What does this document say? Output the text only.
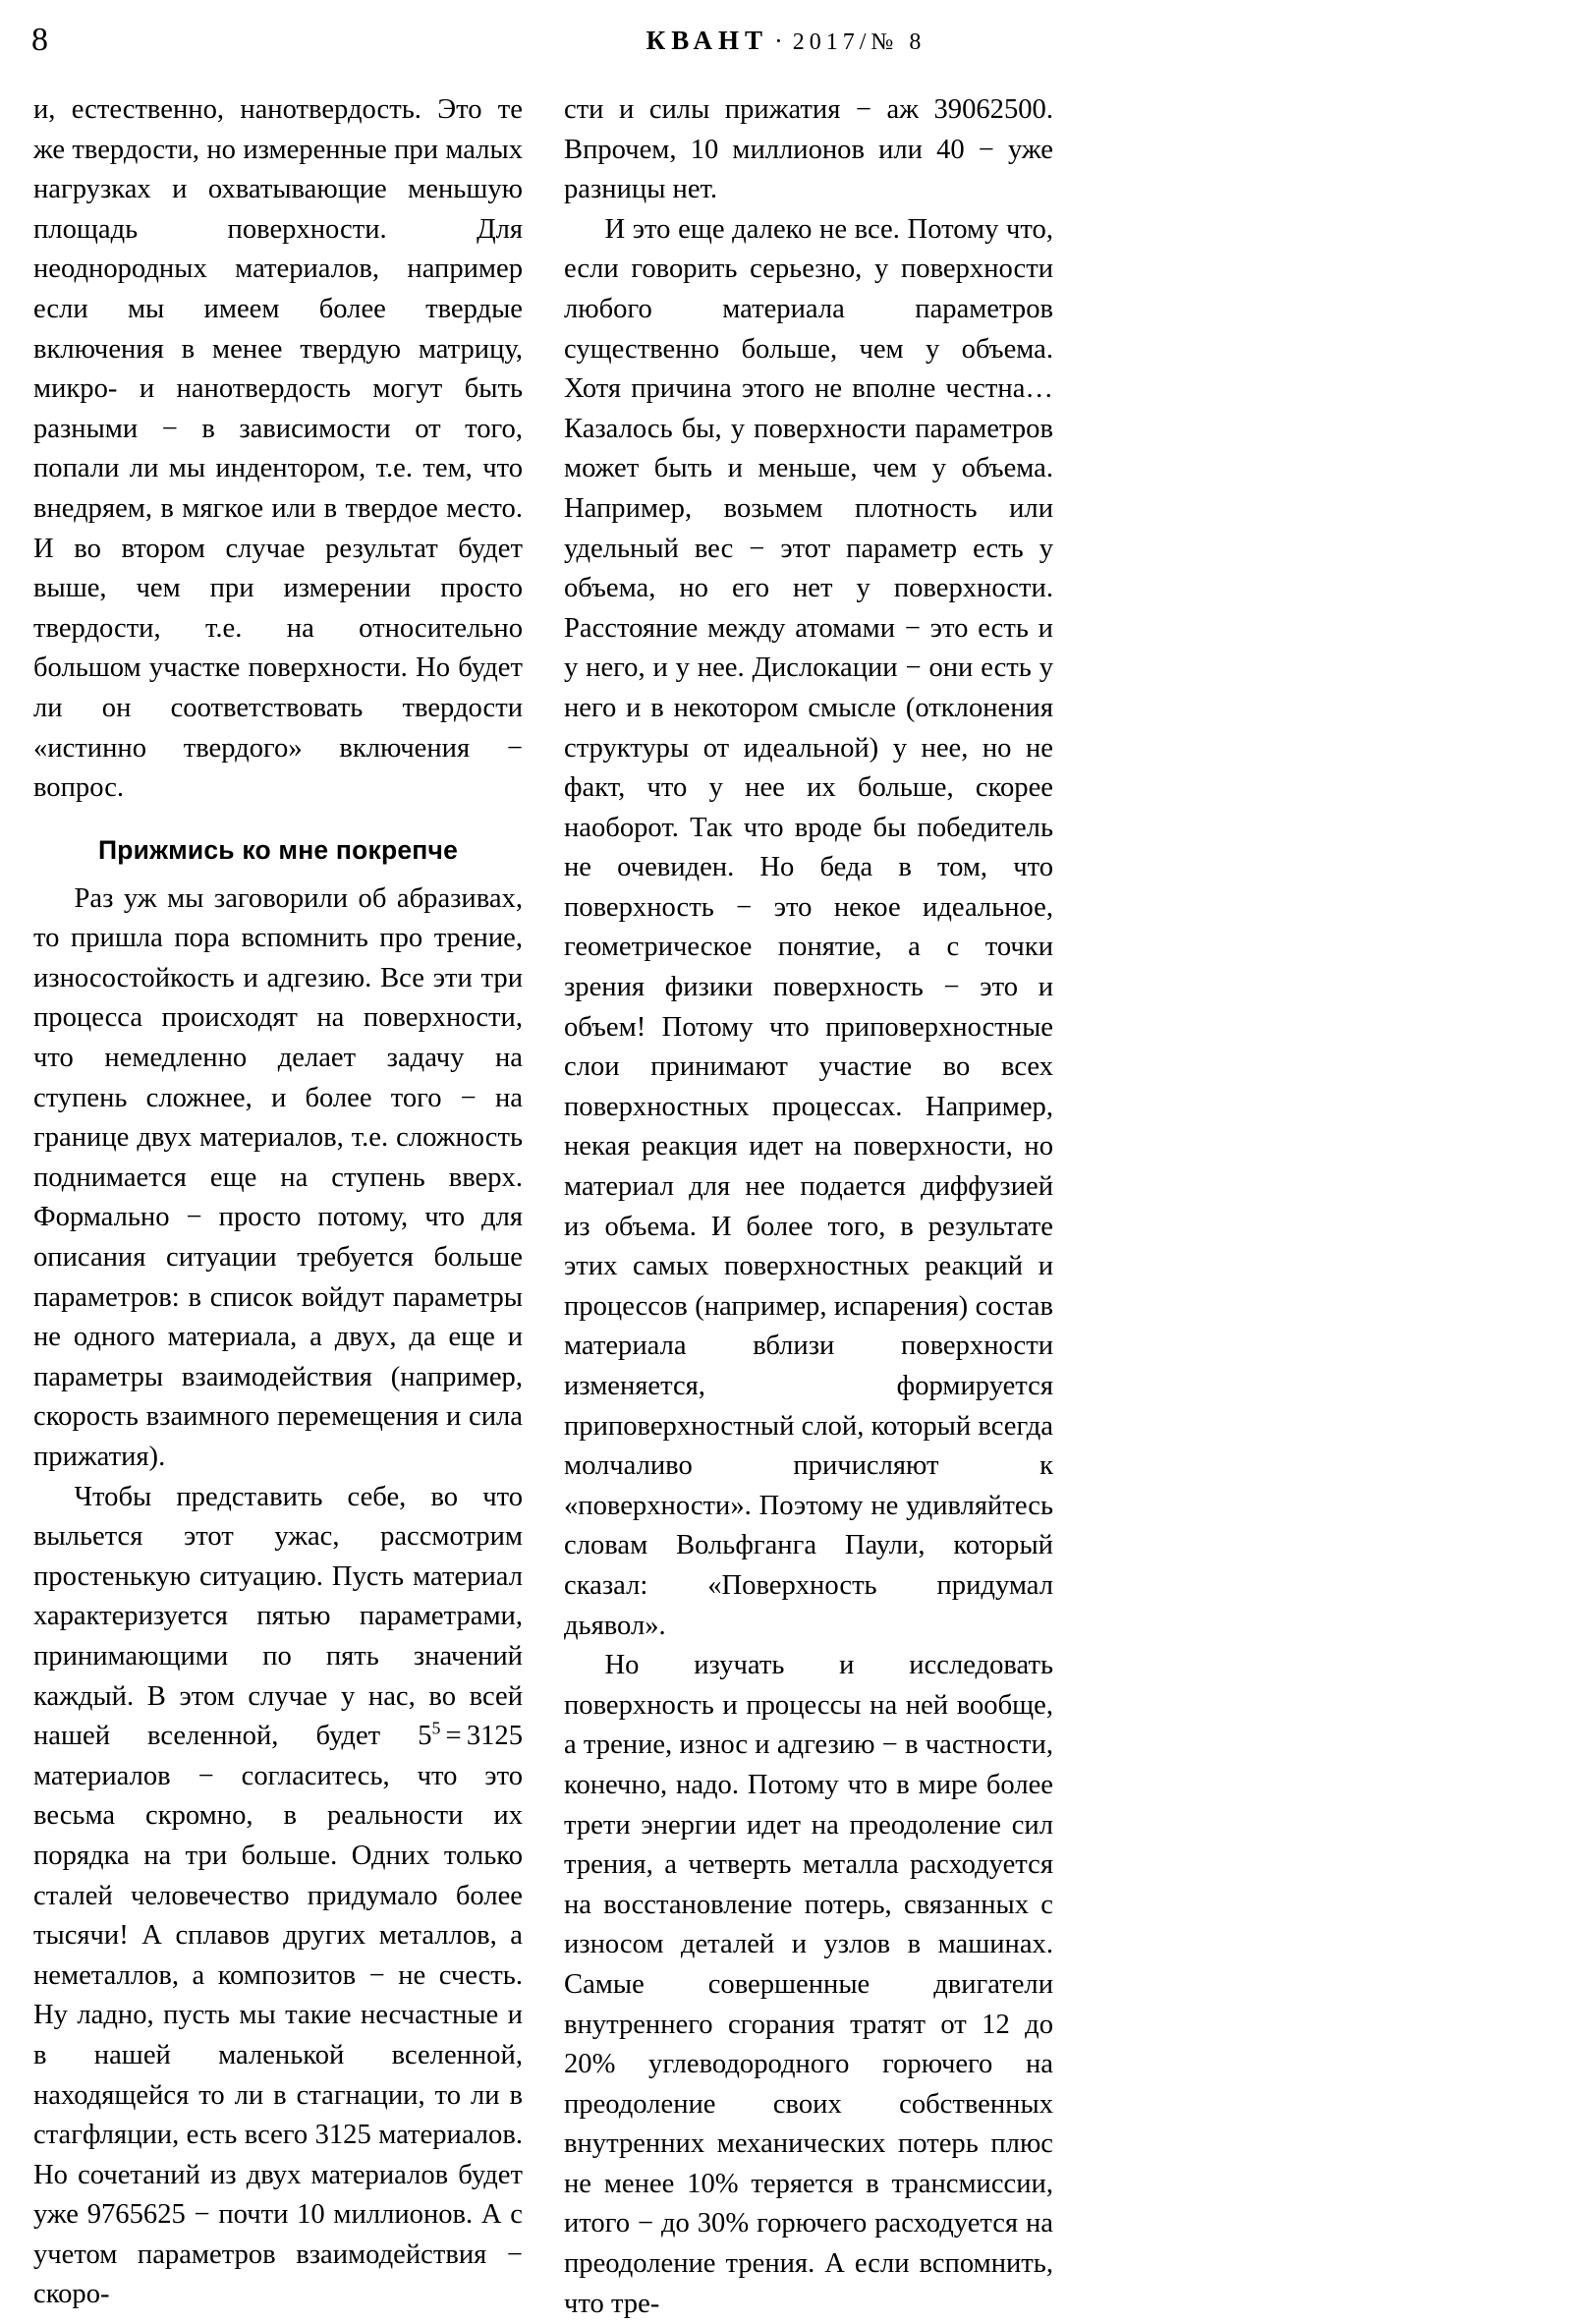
8	КВАНТ · 2017/№ 8

и, естественно, нанотвердость. Это те же твердости, но измеренные при малых нагрузках и охватывающие меньшую площадь поверхности. Для неоднородных материалов, например если мы имеем более твердые включения в менее твердую матрицу, микро- и нанотвердость могут быть разными − в зависимости от того, попали ли мы индентором, т.е. тем, что внедряем, в мягкое или в твердое место. И во втором случае результат будет выше, чем при измерении просто твердости, т.е. на относительно большом участке поверхности. Но будет ли он соответствовать твердости «истинно твердого» включения − вопрос.

Прижмись ко мне покрепче

Раз уж мы заговорили об абразивах, то пришла пора вспомнить про трение, износостойкость и адгезию. Все эти три процесса происходят на поверхности, что немедленно делает задачу на ступень сложнее, и более того − на границе двух материалов, т.е. сложность поднимается еще на ступень вверх. Формально − просто потому, что для описания ситуации требуется больше параметров: в список войдут параметры не одного материала, а двух, да еще и параметры взаимодействия (например, скорость взаимного перемещения и сила прижатия).

Чтобы представить себе, во что выльется этот ужас, рассмотрим простенькую ситуацию. Пусть материал характеризуется пятью параметрами, принимающими по пять значений каждый. В этом случае у нас, во всей нашей вселенной, будет $5^5 = 3125$ материалов − согласитесь, что это весьма скромно, в реальности их порядка на три больше. Одних только сталей человечество придумало более тысячи! А сплавов других металлов, а неметаллов, а композитов − не счесть. Ну ладно, пусть мы такие несчастные и в нашей маленькой вселенной, находящейся то ли в стагнации, то ли в стагфляции, есть всего 3125 материалов. Но сочетаний из двух материалов будет уже 9765625 − почти 10 миллионов. А с учетом параметров взаимодействия − скоро-

сти и силы прижатия − аж 39062500. Впрочем, 10 миллионов или 40 − уже разницы нет.

И это еще далеко не все. Потому что, если говорить серьезно, у поверхности любого материала параметров существенно больше, чем у объема. Хотя причина этого не вполне честна… Казалось бы, у поверхности параметров может быть и меньше, чем у объема. Например, возьмем плотность или удельный вес − этот параметр есть у объема, но его нет у поверхности. Расстояние между атомами − это есть и у него, и у нее. Дислокации − они есть у него и в некотором смысле (отклонения структуры от идеальной) у нее, но не факт, что у нее их больше, скорее наоборот. Так что вроде бы победитель не очевиден. Но беда в том, что поверхность − это некое идеальное, геометрическое понятие, а с точки зрения физики поверхность − это и объем! Потому что приповерхностные слои принимают участие во всех поверхностных процессах. Например, некая реакция идет на поверхности, но материал для нее подается диффузией из объема. И более того, в результате этих самых поверхностных реакций и процессов (например, испарения) состав материала вблизи поверхности изменяется, формируется приповерхностный слой, который всегда молчаливо причисляют к «поверхности». Поэтому не удивляйтесь словам Вольфганга Паули, который сказал: «Поверхность придумал дьявол».

Но изучать и исследовать поверхность и процессы на ней вообще, а трение, износ и адгезию − в частности, конечно, надо. Потому что в мире более трети энергии идет на преодоление сил трения, а четверть металла расходуется на восстановление потерь, связанных с износом деталей и узлов в машинах. Самые совершенные двигатели внутреннего сгорания тратят от 12 до 20% углеводородного горючего на преодоление своих собственных внутренних механических потерь плюс не менее 10% теряется в трансмиссии, итого − до 30% горючего расходуется на преодоление трения. А если вспомнить, что тре-
